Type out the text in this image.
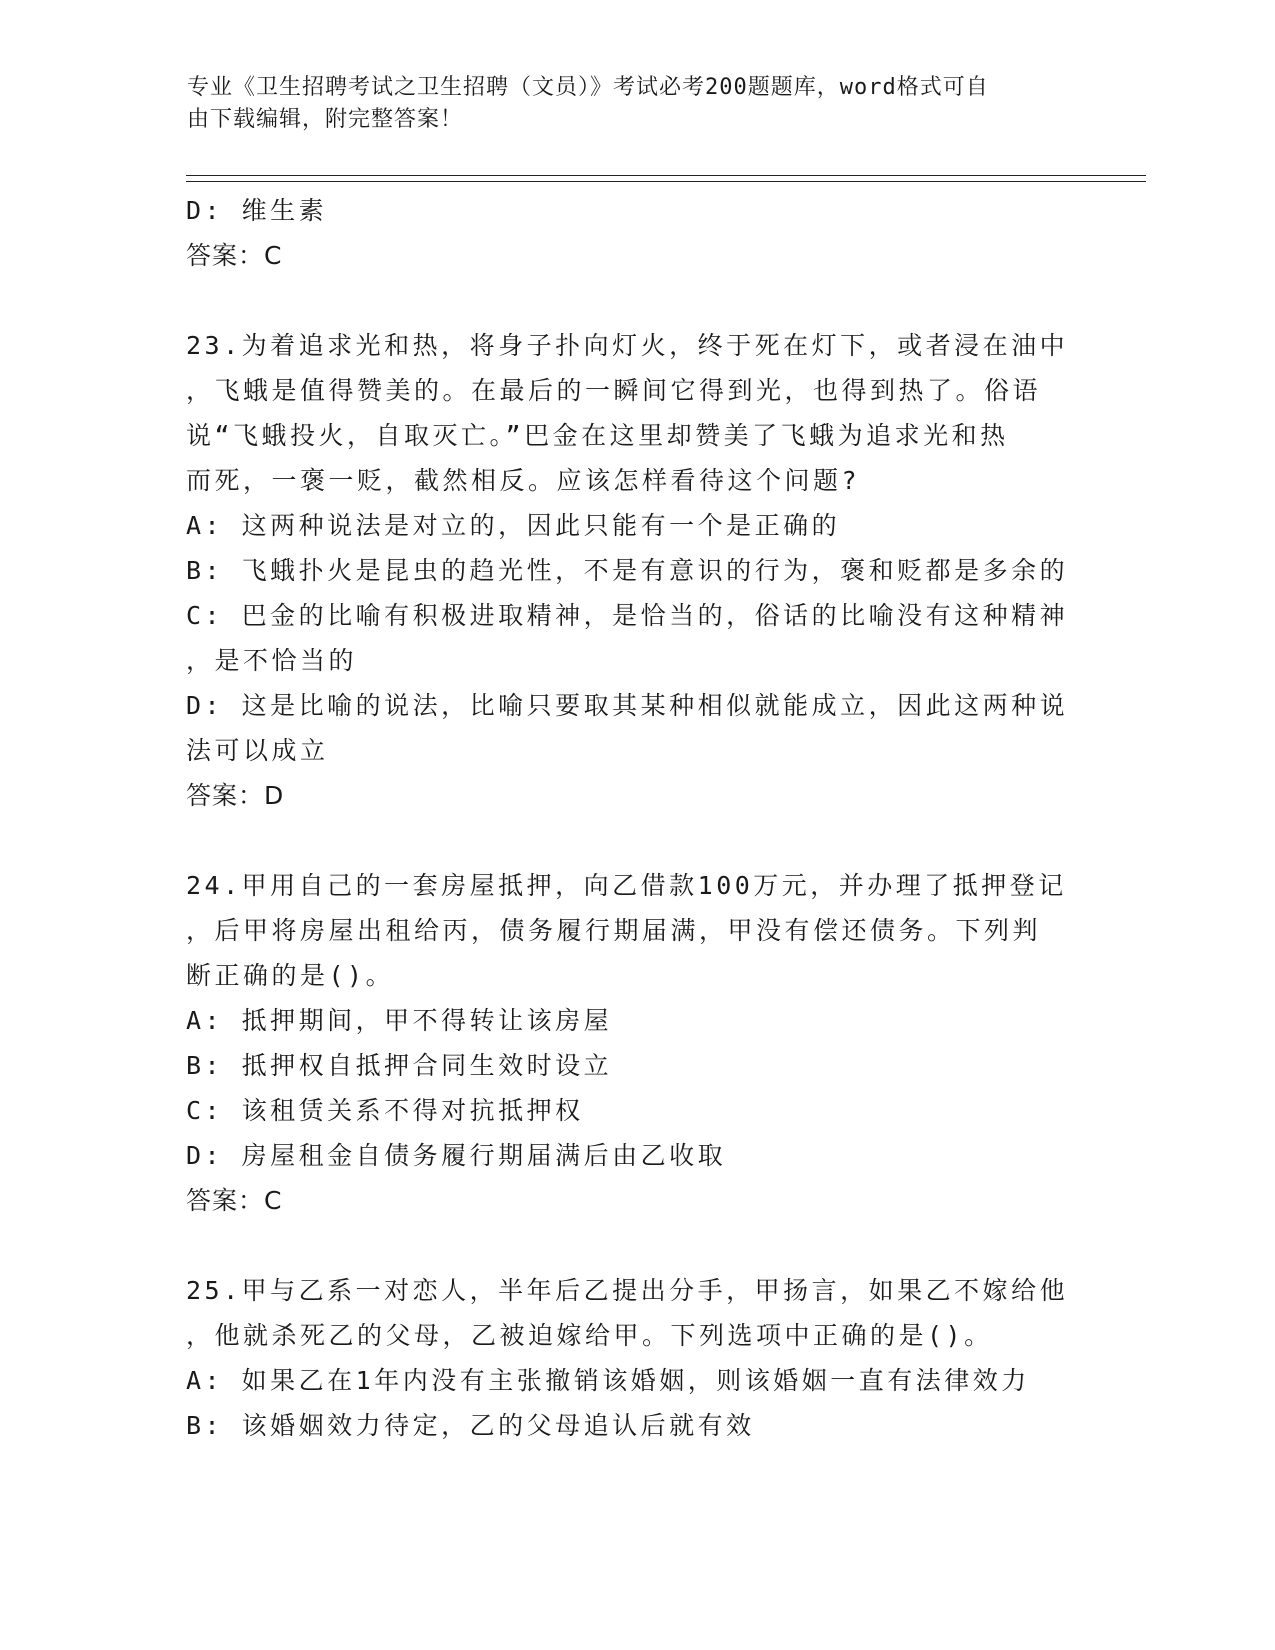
专业《卫生招聘考试之卫生招聘（文员）》考试必考200题题库，word格式可自
由下载编辑，附完整答案！
D: 维生素
答案：C
23.为着追求光和热，将身子扑向灯火，终于死在灯下，或者浸在油中
，飞蛾是值得赞美的。在最后的一瞬间它得到光，也得到热了。俗语
说“飞蛾投火，自取灭亡。”巴金在这里却赞美了飞蛾为追求光和热
而死，一褒一贬，截然相反。应该怎样看待这个问题?
A: 这两种说法是对立的，因此只能有一个是正确的
B: 飞蛾扑火是昆虫的趋光性，不是有意识的行为，褒和贬都是多余的
C: 巴金的比喻有积极进取精神，是恰当的，俗话的比喻没有这种精神
，是不恰当的
D: 这是比喻的说法，比喻只要取其某种相似就能成立，因此这两种说
法可以成立
答案：D
24.甲用自己的一套房屋抵押，向乙借款100万元，并办理了抵押登记
，后甲将房屋出租给丙，债务履行期届满，甲没有偿还债务。下列判
断正确的是()。
A: 抵押期间，甲不得转让该房屋
B: 抵押权自抵押合同生效时设立
C: 该租赁关系不得对抗抵押权
D: 房屋租金自债务履行期届满后由乙收取
答案：C
25.甲与乙系一对恋人，半年后乙提出分手，甲扬言，如果乙不嫁给他
，他就杀死乙的父母，乙被迫嫁给甲。下列选项中正确的是()。
A: 如果乙在1年内没有主张撤销该婚姻，则该婚姻一直有法律效力
B: 该婚姻效力待定，乙的父母追认后就有效
